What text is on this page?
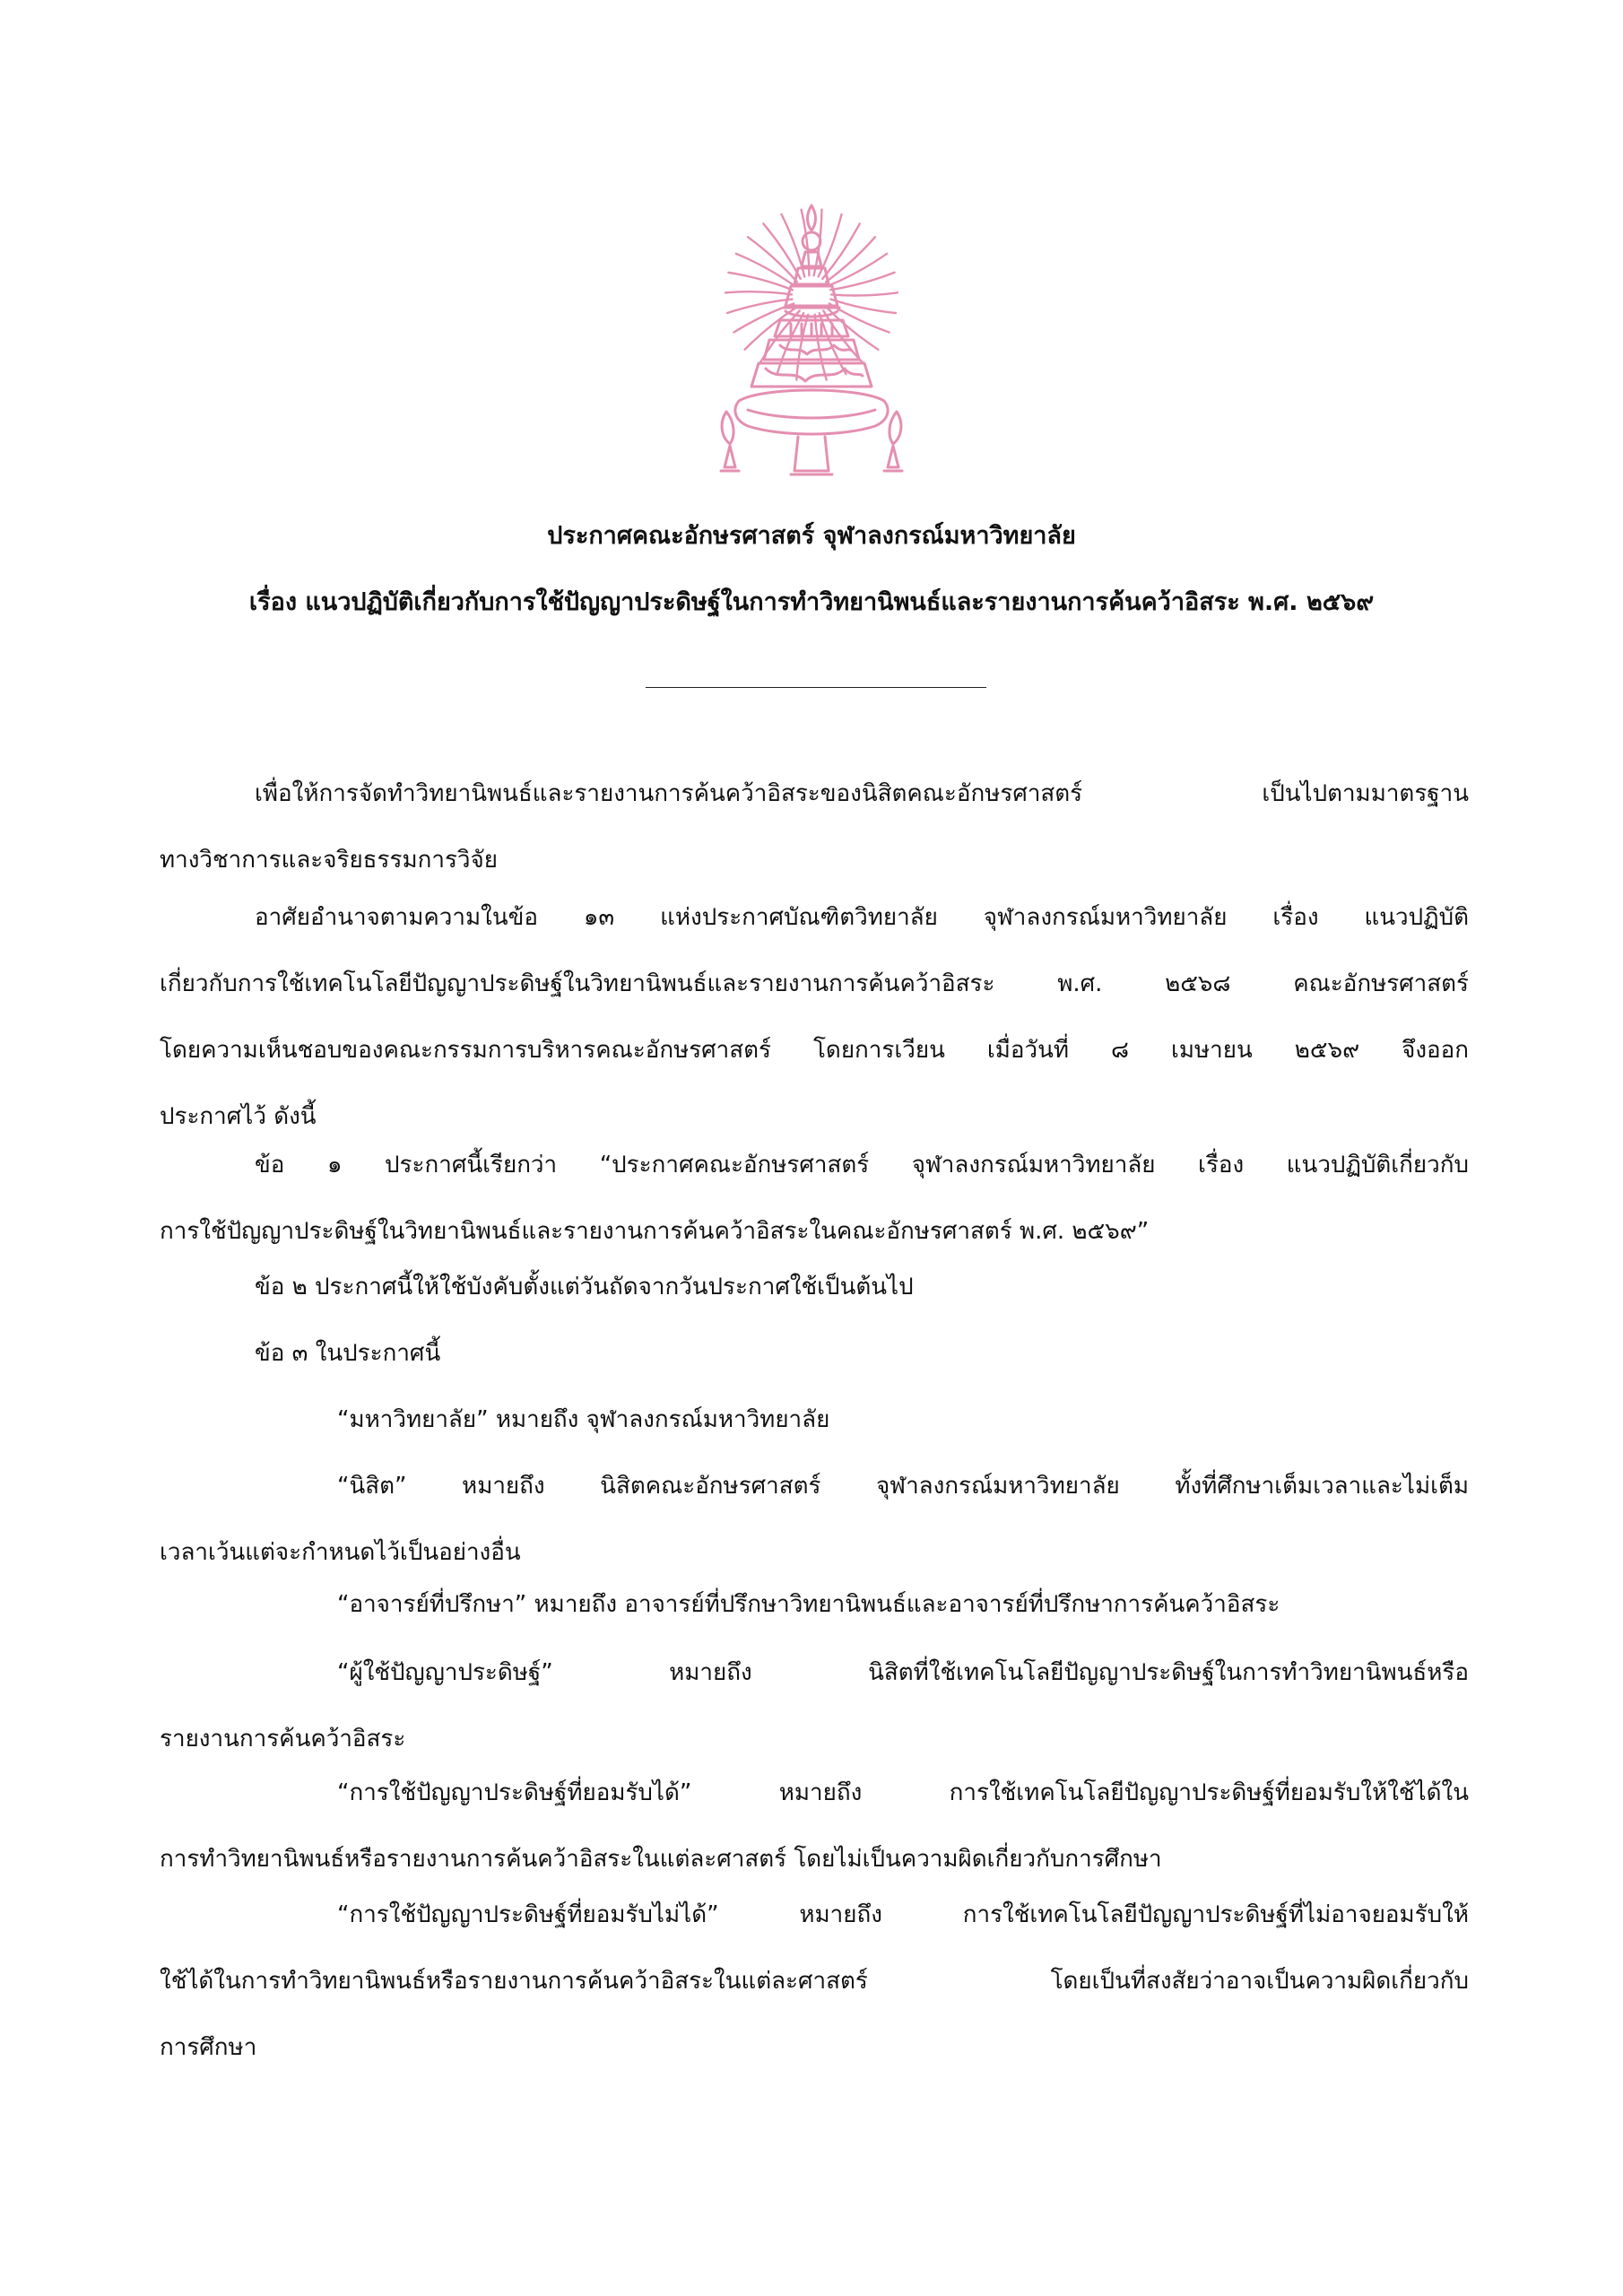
ประกาศคณะอักษรศาสตร์ จุฬาลงกรณ์มหาวิทยาลัย
เรื่อง แนวปฏิบัติเกี่ยวกับการใช้ปัญญาประดิษฐ์ในการทำวิทยานิพนธ์และรายงานการค้นคว้าอิสระ พ.ศ. ๒๕๖๙

เพื่อให้การจัดทำวิทยานิพนธ์และรายงานการค้นคว้าอิสระของนิสิตคณะอักษรศาสตร์ เป็นไปตามมาตรฐาน
ทางวิชาการและจริยธรรมการวิจัย

อาศัยอำนาจตามความในข้อ ๑๓ แห่งประกาศบัณฑิตวิทยาลัย จุฬาลงกรณ์มหาวิทยาลัย เรื่อง แนวปฏิบัติ
เกี่ยวกับการใช้เทคโนโลยีปัญญาประดิษฐ์ในวิทยานิพนธ์และรายงานการค้นคว้าอิสระ พ.ศ. ๒๕๖๘ คณะอักษรศาสตร์
โดยความเห็นชอบของคณะกรรมการบริหารคณะอักษรศาสตร์ โดยการเวียน เมื่อวันที่ ๘ เมษายน ๒๕๖๙ จึงออก
ประกาศไว้ ดังนี้

ข้อ ๑ ประกาศนี้เรียกว่า “ประกาศคณะอักษรศาสตร์ จุฬาลงกรณ์มหาวิทยาลัย เรื่อง แนวปฏิบัติเกี่ยวกับ
การใช้ปัญญาประดิษฐ์ในวิทยานิพนธ์และรายงานการค้นคว้าอิสระในคณะอักษรศาสตร์ พ.ศ. ๒๕๖๙”

ข้อ ๒ ประกาศนี้ให้ใช้บังคับตั้งแต่วันถัดจากวันประกาศใช้เป็นต้นไป

ข้อ ๓ ในประกาศนี้

“มหาวิทยาลัย” หมายถึง จุฬาลงกรณ์มหาวิทยาลัย

“นิสิต” หมายถึง นิสิตคณะอักษรศาสตร์ จุฬาลงกรณ์มหาวิทยาลัย ทั้งที่ศึกษาเต็มเวลาและไม่เต็ม
เวลาเว้นแต่จะกำหนดไว้เป็นอย่างอื่น

“อาจารย์ที่ปรึกษา” หมายถึง อาจารย์ที่ปรึกษาวิทยานิพนธ์และอาจารย์ที่ปรึกษาการค้นคว้าอิสระ

“ผู้ใช้ปัญญาประดิษฐ์” หมายถึง นิสิตที่ใช้เทคโนโลยีปัญญาประดิษฐ์ในการทำวิทยานิพนธ์หรือ
รายงานการค้นคว้าอิสระ

“การใช้ปัญญาประดิษฐ์ที่ยอมรับได้” หมายถึง การใช้เทคโนโลยีปัญญาประดิษฐ์ที่ยอมรับให้ใช้ได้ใน
การทำวิทยานิพนธ์หรือรายงานการค้นคว้าอิสระในแต่ละศาสตร์ โดยไม่เป็นความผิดเกี่ยวกับการศึกษา

“การใช้ปัญญาประดิษฐ์ที่ยอมรับไม่ได้” หมายถึง การใช้เทคโนโลยีปัญญาประดิษฐ์ที่ไม่อาจยอมรับให้
ใช้ได้ในการทำวิทยานิพนธ์หรือรายงานการค้นคว้าอิสระในแต่ละศาสตร์ โดยเป็นที่สงสัยว่าอาจเป็นความผิดเกี่ยวกับ
การศึกษา
